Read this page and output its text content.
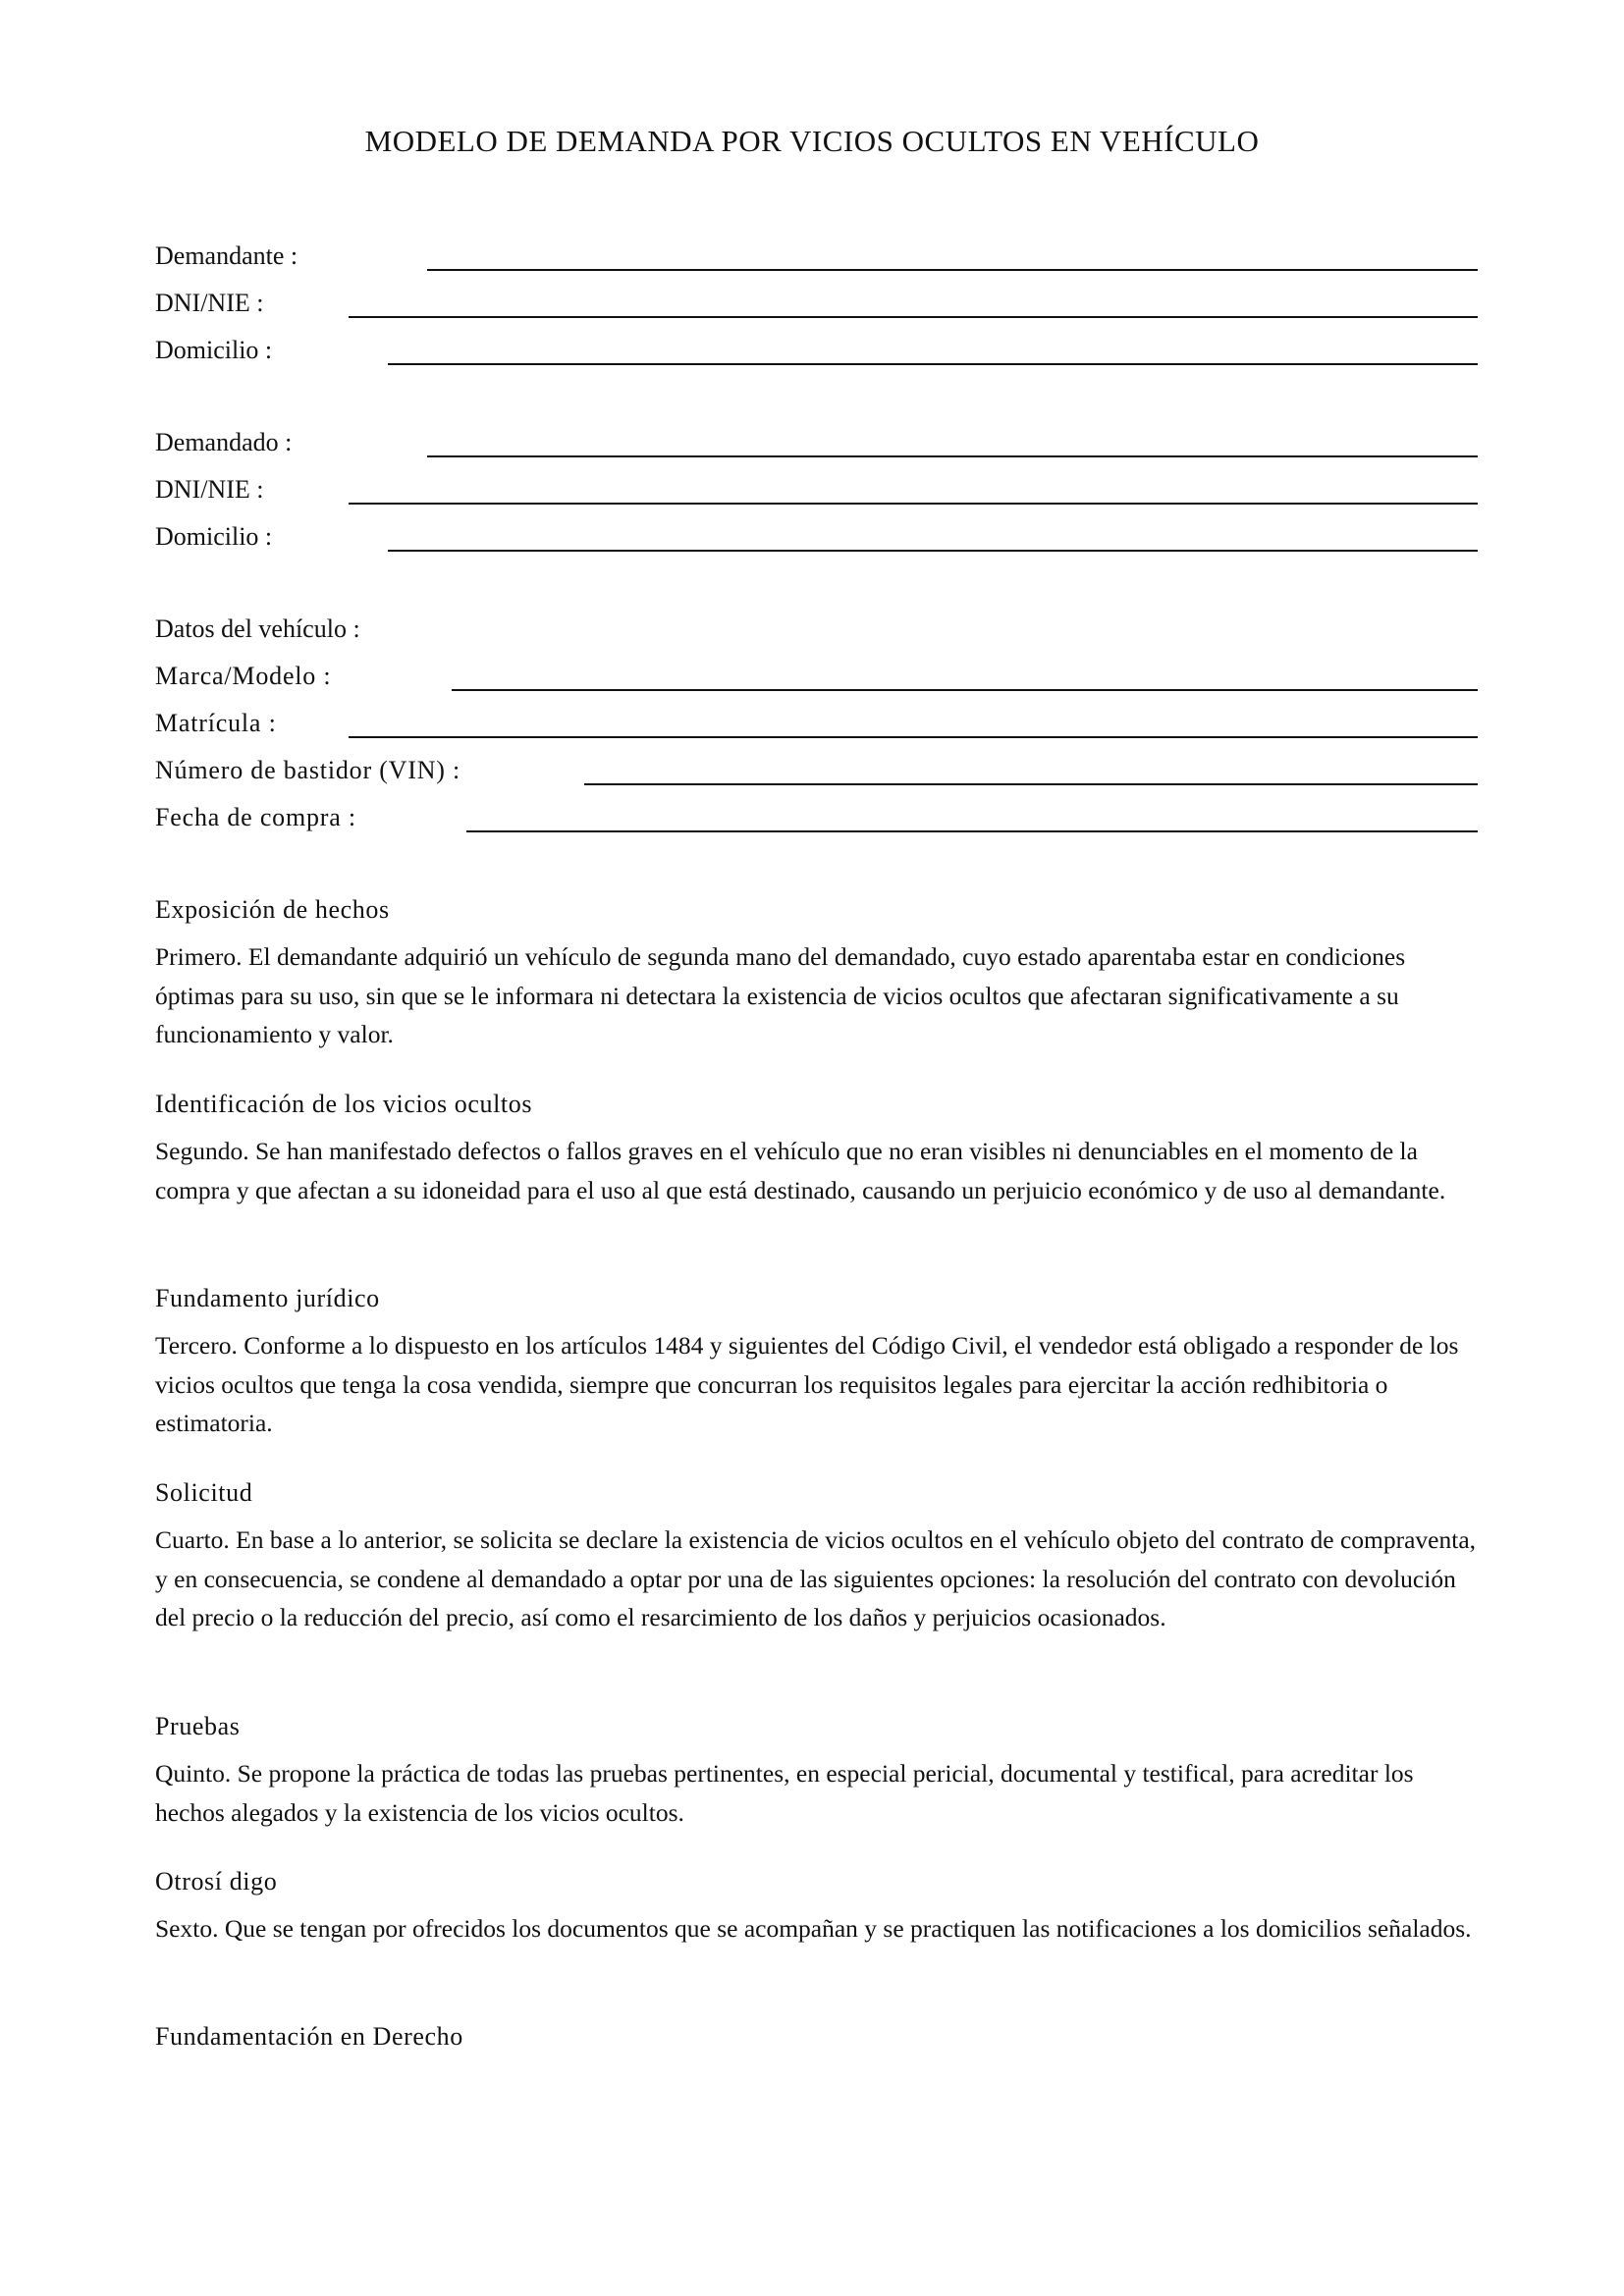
MODELO DE DEMANDA POR VICIOS OCULTOS EN VEHÍCULO
Demandante :
DNI/NIE :
Domicilio :
Demandado :
DNI/NIE :
Domicilio :
Datos del vehículo :
Marca/Modelo :
Matrícula :
Número de bastidor (VIN) :
Fecha de compra :
Exposición de hechos

Primero. El demandante adquirió un vehículo de segunda mano del demandado, cuyo estado aparentaba estar en condiciones óptimas para su uso, sin que se le informara ni detectara la existencia de vicios ocultos que afectaran significativamente a su funcionamiento y valor.

Identificación de los vicios ocultos

Segundo. Se han manifestado defectos o fallos graves en el vehículo que no eran visibles ni denunciables en el momento de la compra y que afectan a su idoneidad para el uso al que está destinado, causando un perjuicio económico y de uso al demandante.

Fundamento jurídico

Tercero. Conforme a lo dispuesto en los artículos 1484 y siguientes del Código Civil, el vendedor está obligado a responder de los vicios ocultos que tenga la cosa vendida, siempre que concurran los requisitos legales para ejercitar la acción redhibitoria o estimatoria.

Solicitud

Cuarto. En base a lo anterior, se solicita se declare la existencia de vicios ocultos en el vehículo objeto del contrato de compraventa, y en consecuencia, se condene al demandado a optar por una de las siguientes opciones: la resolución del contrato con devolución del precio o la reducción del precio, así como el resarcimiento de los daños y perjuicios ocasionados.

Pruebas

Quinto. Se propone la práctica de todas las pruebas pertinentes, en especial pericial, documental y testifical, para acreditar los hechos alegados y la existencia de los vicios ocultos.

Otrosí digo

Sexto. Que se tengan por ofrecidos los documentos que se acompañan y se practiquen las notificaciones a los domicilios señalados.

Fundamentación en Derecho
